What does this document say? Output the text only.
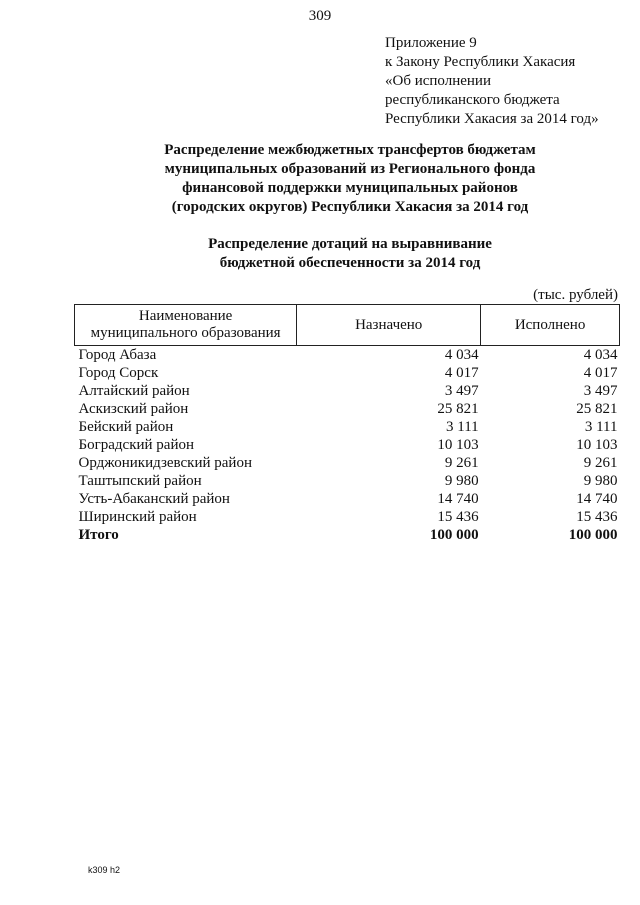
309
Приложение 9
к Закону Республики Хакасия
«Об исполнении
республиканского бюджета
Республики Хакасия за 2014 год»
Распределение межбюджетных трансфертов бюджетам
муниципальных образований из Регионального фонда
финансовой поддержки муниципальных районов
(городских округов) Республики Хакасия за 2014 год
Распределение дотаций на выравнивание
бюджетной обеспеченности за 2014 год
(тыс. рублей)
Наименование
муниципального образования	Назначено	Исполнено
Город Абаза	4 034	4 034
Город Сорск	4 017	4 017
Алтайский район	3 497	3 497
Аскизский район	25 821	25 821
Бейский район	3 111	3 111
Боградский район	10 103	10 103
Орджоникидзевский район	9 261	9 261
Таштыпский район	9 980	9 980
Усть-Абаканский район	14 740	14 740
Ширинский район	15 436	15 436
Итого	100 000	100 000
k309 h2
